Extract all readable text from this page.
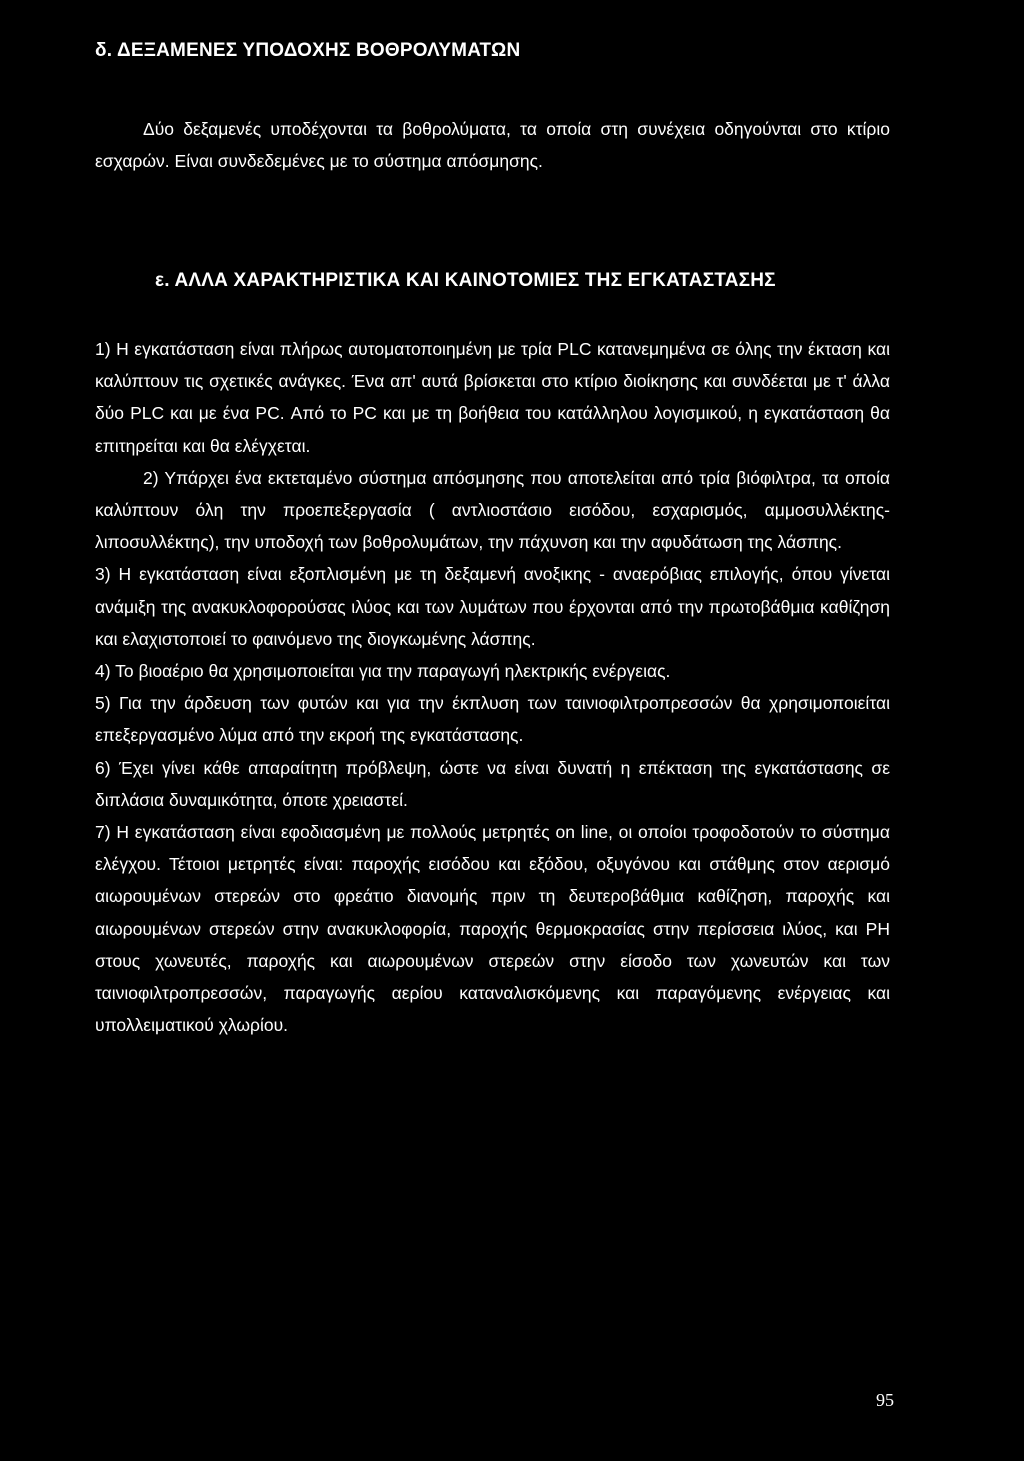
δ. ΔΕΞΑΜΕΝΕΣ ΥΠΟΔΟΧΗΣ ΒΟΘΡΟΛΥΜΑΤΩΝ
Δύο δεξαμενές υποδέχονται τα βοθρολύματα, τα οποία στη συνέχεια οδηγούνται στο κτίριο εσχαρών. Είναι συνδεδεμένες με το σύστημα απόσμησης.
ε. ΑΛΛΑ ΧΑΡΑΚΤΗΡΙΣΤΙΚΑ ΚΑΙ ΚΑΙΝΟΤΟΜΙΕΣ ΤΗΣ ΕΓΚΑΤΑΣΤΑΣΗΣ

1) Η εγκατάσταση είναι πλήρως αυτοματοποιημένη με τρία PLC κατανεμημένα σε όλης την έκταση και καλύπτουν τις σχετικές ανάγκες. Ένα απ' αυτά βρίσκεται στο κτίριο διοίκησης και συνδέεται με τ' άλλα δύο PLC και με ένα PC. Από το PC και με τη βοήθεια του κατάλληλου λογισμικού, η εγκατάσταση θα επιτηρείται και θα ελέγχεται.

2) Υπάρχει ένα εκτεταμένο σύστημα απόσμησης που αποτελείται από τρία βιόφιλτρα, τα οποία καλύπτουν όλη την προεπεξεργασία ( αντλιοστάσιο εισόδου, εσχαρισμός, αμμοσυλλέκτης- λιποσυλλέκτης), την υποδοχή των βοθρολυμάτων, την πάχυνση και την αφυδάτωση της λάσπης.

3) Η εγκατάσταση είναι εξοπλισμένη με τη δεξαμενή ανοξικης - αναερόβιας επιλογής, όπου γίνεται ανάμιξη της ανακυκλοφορούσας ιλύος και των λυμάτων που έρχονται από την πρωτοβάθμια καθίζηση και ελαχιστοποιεί το φαινόμενο της διογκωμένης λάσπης.

4) Το βιοαέριο θα χρησιμοποιείται για την παραγωγή ηλεκτρικής ενέργειας.

5) Για την άρδευση των φυτών και για την έκπλυση των ταινιοφιλτροπρεσσών θα χρησιμοποιείται επεξεργασμένο λύμα από την εκροή της εγκατάστασης.

6) Έχει γίνει κάθε απαραίτητη πρόβλεψη, ώστε να είναι δυνατή η επέκταση της εγκατάστασης σε διπλάσια δυναμικότητα, όποτε χρειαστεί.

7) Η εγκατάσταση είναι εφοδιασμένη με πολλούς μετρητές on line, οι οποίοι τροφοδοτούν το σύστημα ελέγχου. Τέτοιοι μετρητές είναι: παροχής εισόδου και εξόδου, οξυγόνου και στάθμης στον αερισμό αιωρουμένων στερεών στο φρεάτιο διανομής πριν τη δευτεροβάθμια καθίζηση, παροχής και αιωρουμένων στερεών στην ανακυκλοφορία, παροχής θερμοκρασίας στην περίσσεια ιλύος, και PH στους χωνευτές, παροχής και αιωρουμένων στερεών στην είσοδο των χωνευτών και των ταινιοφιλτροπρεσσών, παραγωγής αερίου καταναλισκόμενης και παραγόμενης ενέργειας και υπολλειματικού χλωρίου.

95
